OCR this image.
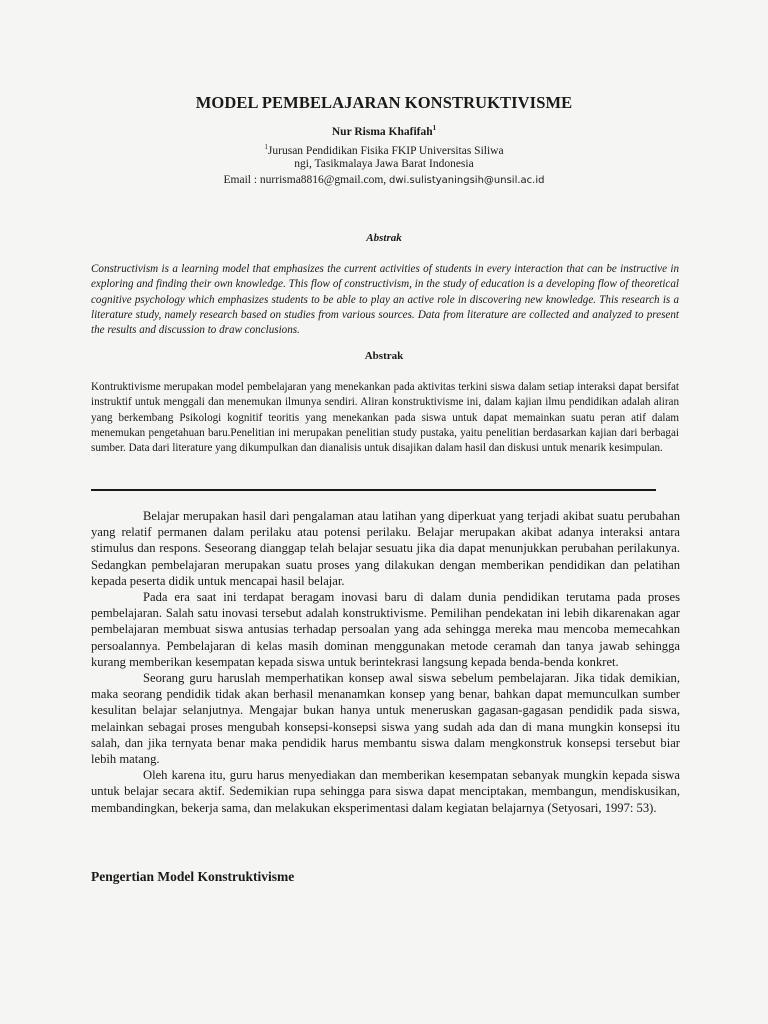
MODEL PEMBELAJARAN KONSTRUKTIVISME
Nur Risma Khafifah$^1$
$^1$Jurusan Pendidikan Fisika FKIP Universitas Siliwa
ngi, Tasikmalaya Jawa Barat Indonesia
Email : nurrisma8816@gmail.com, dwi.sulistyaningsih@unsil.ac.id
Abstrak

Constructivism is a learning model that emphasizes the current activities of students in every interaction that can be instructive in exploring and finding their own knowledge. This flow of constructivism, in the study of education is a developing flow of theoretical cognitive psychology which emphasizes students to be able to play an active role in discovering new knowledge. This research is a literature study, namely research based on studies from various sources. Data from literature are collected and analyzed to present the results and discussion to draw conclusions.

Abstrak

Kontruktivisme merupakan model pembelajaran yang menekankan pada aktivitas terkini siswa dalam setiap interaksi dapat bersifat instruktif untuk menggali dan menemukan ilmunya sendiri. Aliran konstruktivisme ini, dalam kajian ilmu pendidikan adalah aliran yang berkembang Psikologi kognitif teoritis yang menekankan pada siswa untuk dapat memainkan suatu peran atif dalam menemukan pengetahuan baru.Penelitian ini merupakan penelitian study pustaka, yaitu penelitian berdasarkan kajian dari berbagai sumber. Data dari literature yang dikumpulkan dan dianalisis untuk disajikan dalam hasil dan diskusi untuk menarik kesimpulan.

Belajar merupakan hasil dari pengalaman atau latihan yang diperkuat yang terjadi akibat suatu perubahan yang relatif permanen dalam perilaku atau potensi perilaku. Belajar merupakan akibat adanya interaksi antara stimulus dan respons. Seseorang dianggap telah belajar sesuatu jika dia dapat menunjukkan perubahan perilakunya. Sedangkan pembelajaran merupakan suatu proses yang dilakukan dengan memberikan pendidikan dan pelatihan kepada peserta didik untuk mencapai hasil belajar.

Pada era saat ini terdapat beragam inovasi baru di dalam dunia pendidikan terutama pada proses pembelajaran. Salah satu inovasi tersebut adalah konstruktivisme. Pemilihan pendekatan ini lebih dikarenakan agar pembelajaran membuat siswa antusias terhadap persoalan yang ada sehingga mereka mau mencoba memecahkan persoalannya. Pembelajaran di kelas masih dominan menggunakan metode ceramah dan tanya jawab sehingga kurang memberikan kesempatan kepada siswa untuk berintekrasi langsung kepada benda-benda konkret.

Seorang guru haruslah memperhatikan konsep awal siswa sebelum pembelajaran. Jika tidak demikian, maka seorang pendidik tidak akan berhasil menanamkan konsep yang benar, bahkan dapat memunculkan sumber kesulitan belajar selanjutnya. Mengajar bukan hanya untuk meneruskan gagasan-gagasan pendidik pada siswa, melainkan sebagai proses mengubah konsepsi-konsepsi siswa yang sudah ada dan di mana mungkin konsepsi itu salah, dan jika ternyata benar maka pendidik harus membantu siswa dalam mengkonstruk konsepsi tersebut biar lebih matang.

Oleh karena itu, guru harus menyediakan dan memberikan kesempatan sebanyak mungkin kepada siswa untuk belajar secara aktif. Sedemikian rupa sehingga para siswa dapat menciptakan, membangun, mendiskusikan, membandingkan, bekerja sama, dan melakukan eksperimentasi dalam kegiatan belajarnya (Setyosari, 1997: 53).

Pengertian Model Konstruktivisme
